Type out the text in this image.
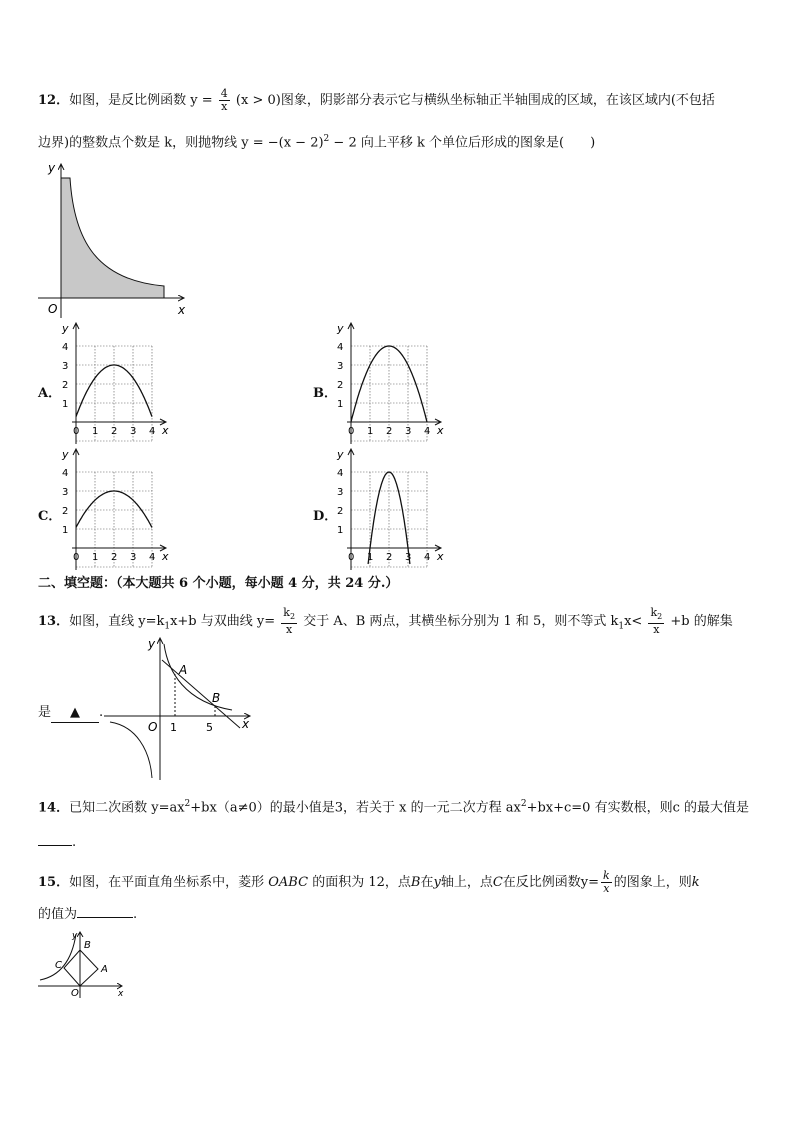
12．如图，是反比例函数 $y = \frac{4}{x} (x > 0)$图象，阴影部分表示它与横纵坐标轴正半轴围成的区域，在该区域内(不包括
边界)的整数点个数是 k，则抛物线 $y = -(x - 2)^2 - 2$ 向上平移 k 个单位后形成的图象是(　　)
y
x
O
A．	B．
C．	D．
4
3
2
1
0 1 2 3 4
y
x
4
3
2
1
0 1 2 3 4
y
x
4
3
2
1
0 1 2 3 4
y
x
4
3
2
1
0 1 2 3 4
y
x
二、填空题：（本大题共 6 个小题，每小题 4 分，共 24 分.）
13．如图，直线 $y=k_1x+b$ 与双曲线 $y= \frac{k_2}{x}$ 交于 A、B 两点，其横坐标分别为 1 和 5，则不等式 $k_1x< \frac{k_2}{x} +b$ 的解集
是 ▲ .
y
x
O
A
B
1	5
14．已知二次函数 $y=ax^2+bx(a\ne 0)$的最小值是3，若关于 x 的一元二次方程 $ax^2+bx+c=0$ 有实数根，则c 的最大值是
.
15．如图，在平面直角坐标系中，菱形 OABC 的面积为 12，点B在y轴上，点C在反比例函数$y= \frac{k}{x}$ 的图象上，则k
的值为	.
y
x
O
B
A
C
